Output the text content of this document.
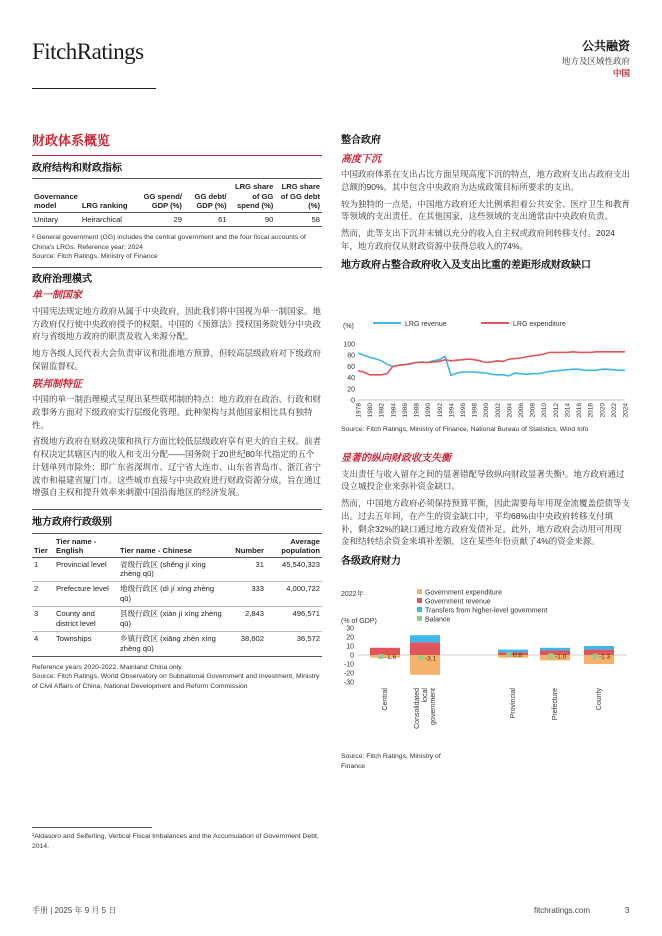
FitchRatings	公共融资
地方及区域性政府
中国
财政体系概览
政府结构和财政指标
Governance model	LRG ranking	GG spend/ GDP (%)	GG debt/ GDP (%)	LRG share of GG spend (%)	LRG share of GG debt (%)
Unitary	Heirarchical	29	61	90	58
ᵃ General government (GG) includes the central government and the four fiscal accounts of China's LRGs. Reference year: 2024
Source: Fitch Ratings, Ministry of Finance
政府治理模式
单一制国家
中国宪法规定地方政府从属于中央政府，因此我们将中国视为单一制国家。地方政府仅行使中央政府授予的权限。中国的《预算法》授权国务院划分中央政府与省级地方政府的职责及收入来源分配。
地方各级人民代表大会负责审议和批准地方预算，但较高层级政府对下级政府保留监督权。
联邦制特征
中国的单一制治理模式呈现出某些联邦制的特点：地方政府在政治、行政和财政事务方面对下级政府实行层级化管理。此种架构与其他国家相比具有独特性。
省级地方政府在财政决策和执行方面比较低层级政府享有更大的自主权。前者有权决定其辖区内的收入和支出分配——国务院于20世纪80年代指定的五个计划单列市除外：即广东省深圳市、辽宁省大连市、山东省青岛市、浙江省宁波市和福建省厦门市。这些城市直接与中央政府进行财政资源分成，旨在通过增强自主权和提升效率来刺激中国沿海地区的经济发展。
地方政府行政级别
Tier	Tier name - English	Tier name - Chinese	Number	Average population
1	Provincial level	省级行政区 (shěng jí xíng zhèng qū)	31	45,540,323
2	Prefecture level	地级行政区 (dì jí xíng zhèng qū)	333	4,000,722
3	County and district level	县级行政区 (xiàn jí xíng zhèng qū)	2,843	496,571
4	Townships	乡镇行政区 (xiāng zhèn xíng zhèng qū)	38,602	36,572
Reference years 2020-2022. Mainland China only.
Source: Fitch Ratings, World Observatory on Subnational Government and Investment, Ministry of Civil Affairs of China, National Development and Reform Commission
¹Aldasoro and Seiferling, Vertical Fiscal Imbalances and the Accumulation of Government Debt, 2014.
整合政府
高度下沉
中国政府体系在支出占比方面呈现高度下沉的特点，地方政府支出占政府支出总额的90%。其中包含中央政府为达成政策目标所要求的支出。
较为独特的一点是，中国地方政府还大比例承担着公共安全、医疗卫生和教育等领域的支出责任。在其他国家，这些领域的支出通常由中央政府负责。
然而，此等支出下沉并未辅以充分的收入自主权或政府间转移支付。2024年，地方政府仅从财政资源中获得总收入的74%。
地方政府占整合政府收入及支出比重的差距形成财政缺口
(%)	LRG revenue	LRG expenditure
0
20
40
60
80
100
1978 1980 1982 1984 1986 1988 1990 1992 1994 1996 1998 2000 2002 2004 2006 2008 2010 2012 2014 2016 2018 2020 2022 2024
Source: Fitch Ratings, Ministry of Finance, National Bureau of Statistics, Wind Info
显著的纵向财政收支失衡
支出责任与收入留存之间的显著错配导致纵向财政显著失衡¹。地方政府通过设立城投企业来弥补资金缺口。
然而，中国地方政府必须保持预算平衡，因此需要每年用现金流覆盖偿债等支出。过去五年间，在产生的资金缺口中，平均68%由中央政府转移支付填补，剩余32%的缺口通过地方政府发债补足。此外，地方政府会动用可用现金和结转结余资金来填补差额，这在某些年份贡献了4%的资金来源。
各级政府财力
2022年	Government expenditure
Government revenue
Transfers from higher-level government
Balance
(% of GDP)
-30
-20
-10
0
10
20
30
-1.6
Central
-3.1
Consolidated local government
0.8
Provincial
-1.0
Prefecture
-1.3
County
Source: Fitch Ratings, Ministry of Finance
手册 | 2025 年 9 月 5 日	fitchratings.com	3
